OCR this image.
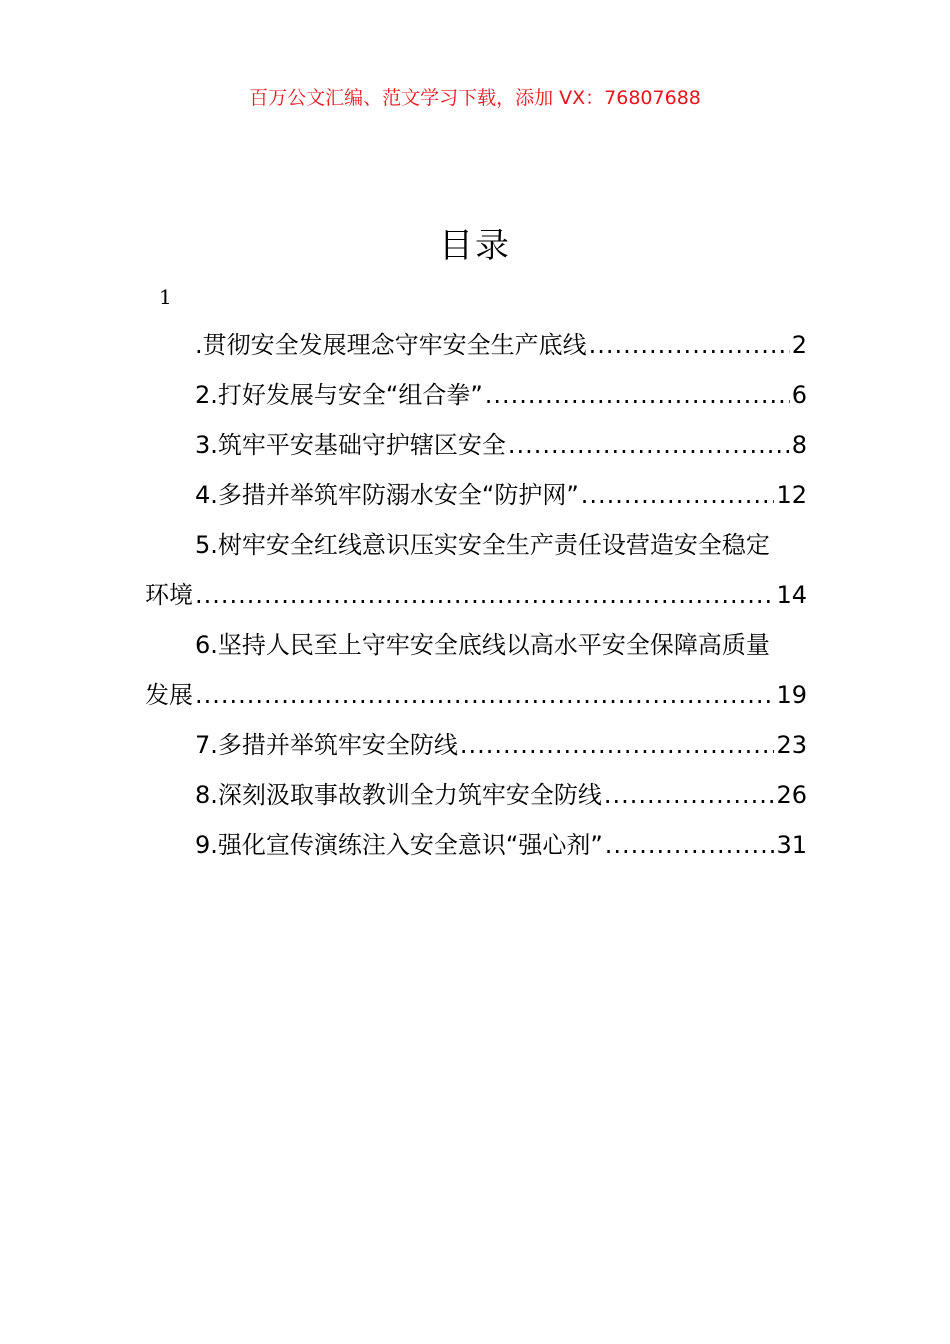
百万公文汇编、范文学习下载，添加 VX：76807688
目录
1
.贯彻安全发展理念守牢安全生产底线 .....	2
2.打好发展与安全“组合拳” .....	6
3.筑牢平安基础守护辖区安全 .....	8
4.多措并举筑牢防溺水安全“防护网” .....	12
5.树牢安全红线意识压实安全生产责任设营造安全稳定
环境 .....	14
6.坚持人民至上守牢安全底线以高水平安全保障高质量
发展 .....	19
7.多措并举筑牢安全防线 .....	23
8.深刻汲取事故教训全力筑牢安全防线 .....	26
9.强化宣传演练注入安全意识“强心剂” .....	31
